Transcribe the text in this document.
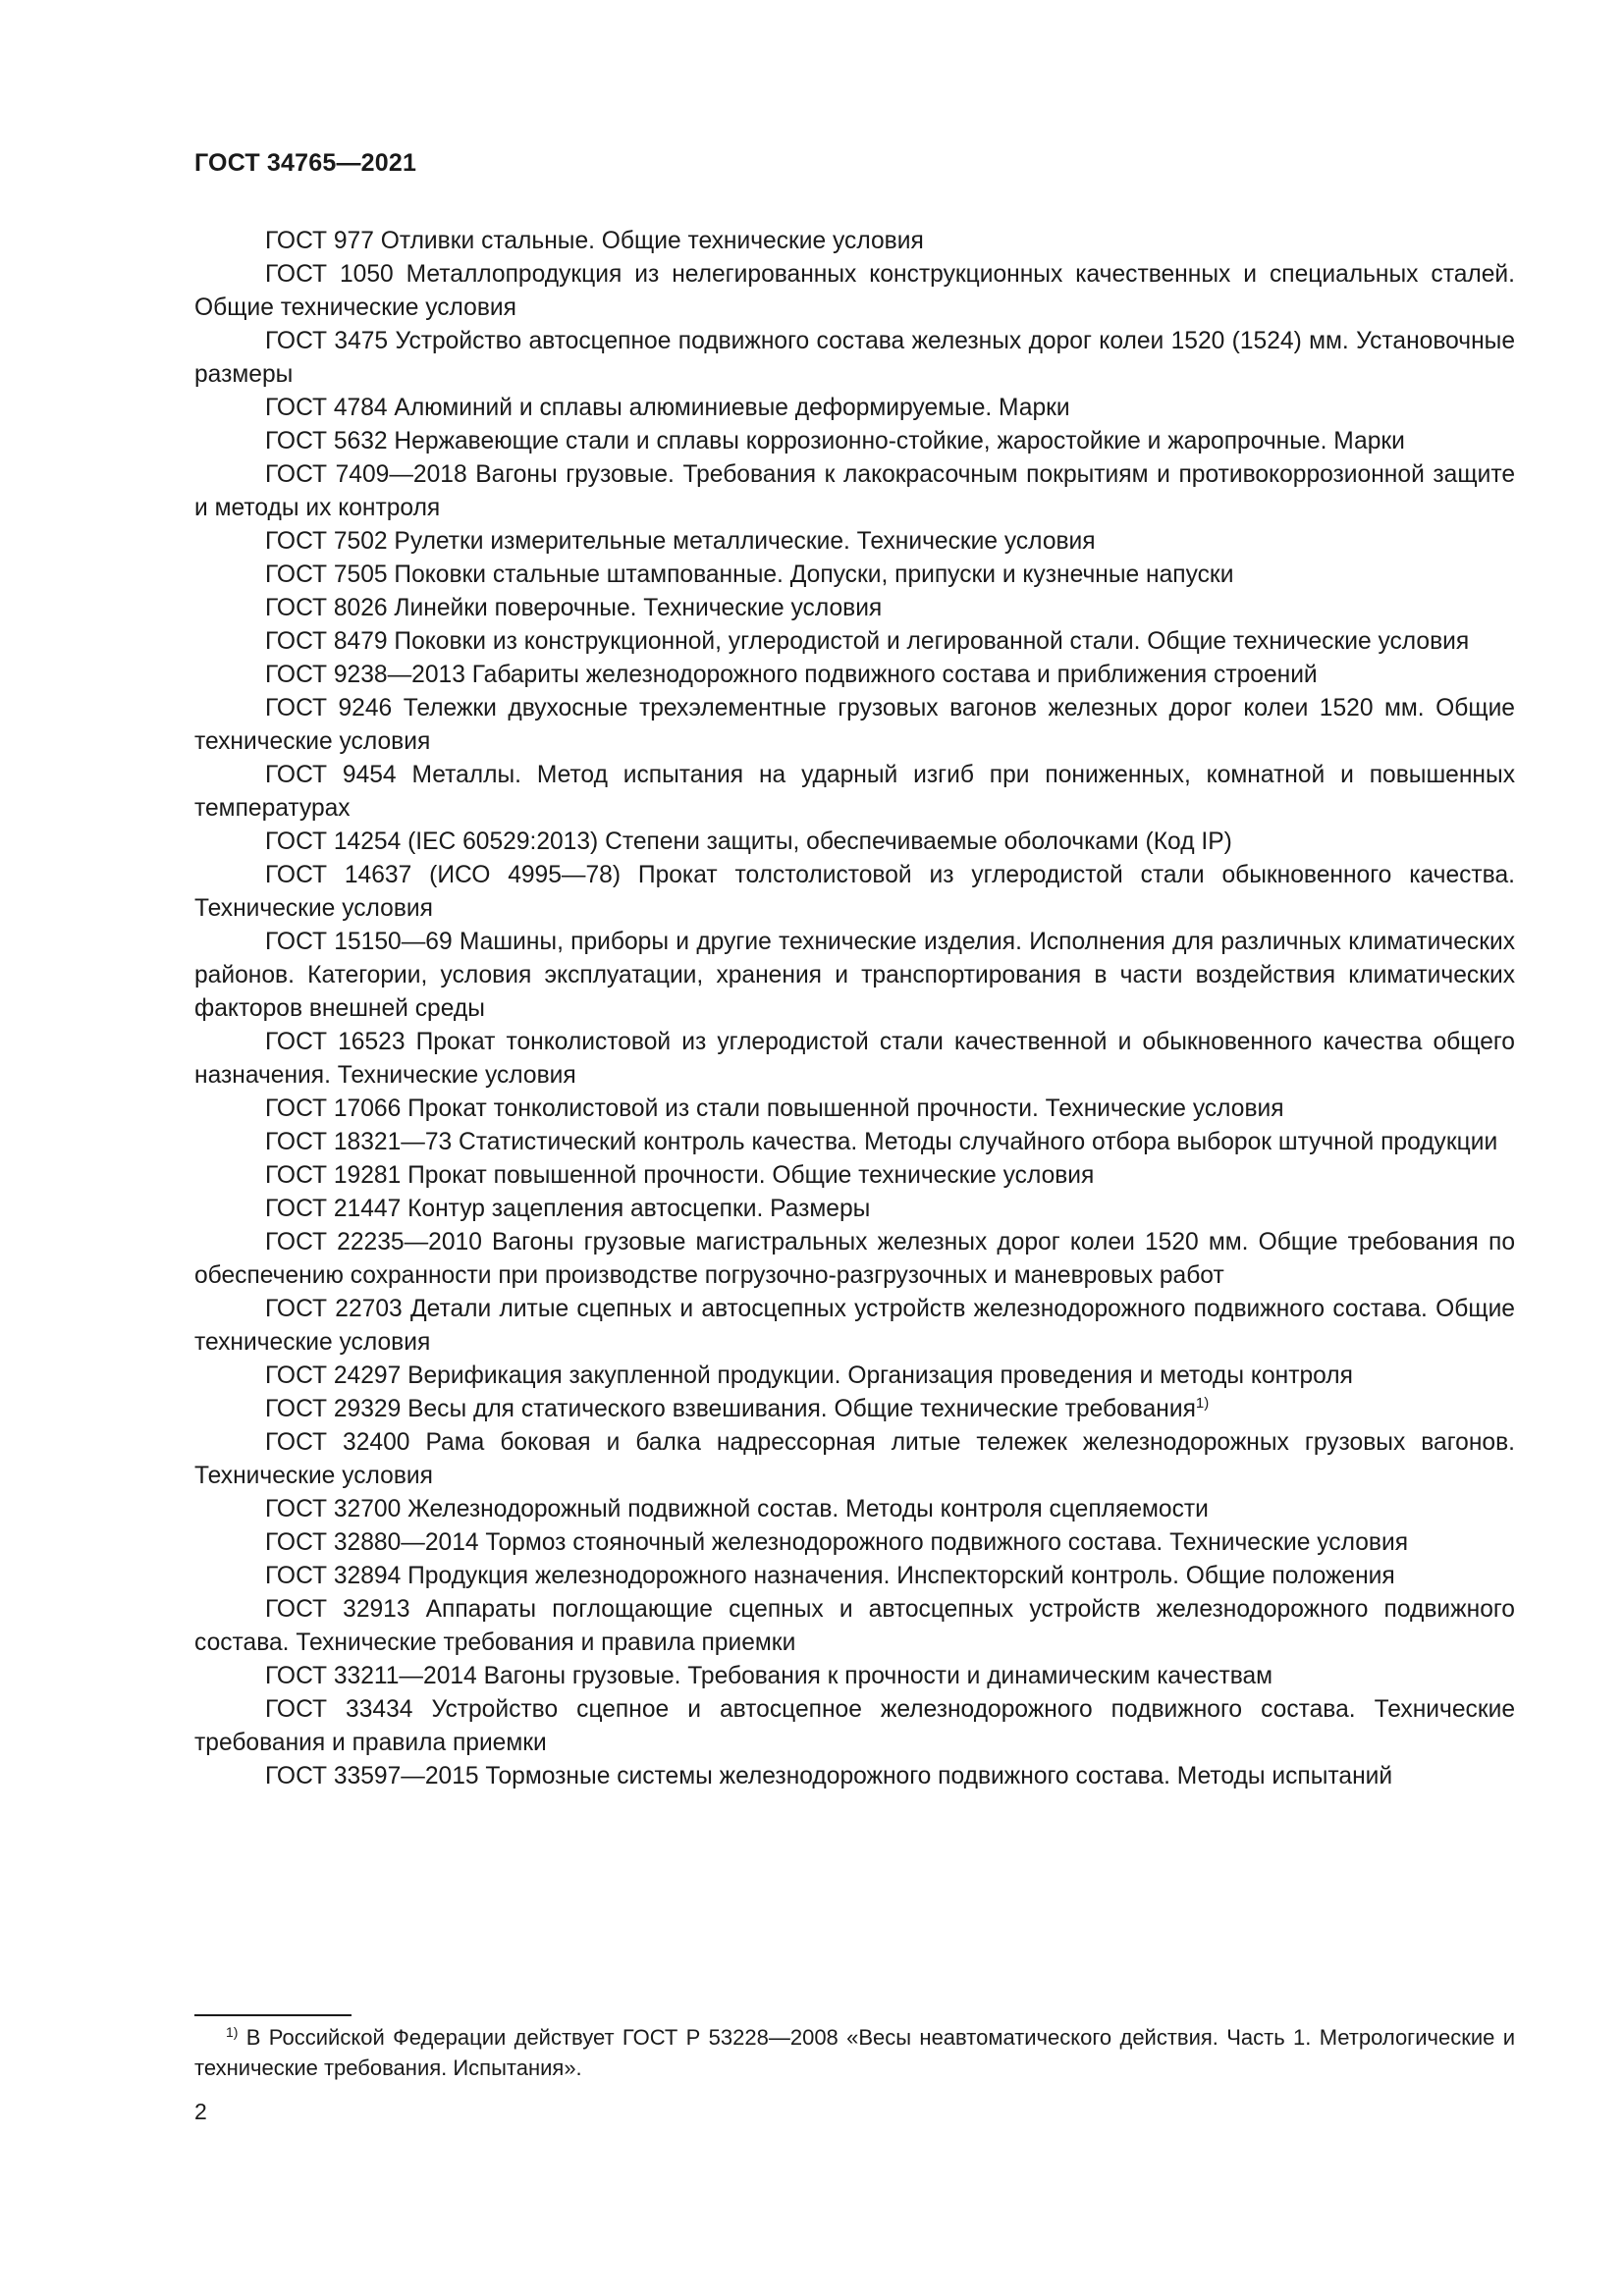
ГОСТ 34765—2021
ГОСТ 977 Отливки стальные. Общие технические условия
ГОСТ 1050 Металлопродукция из нелегированных конструкционных качественных и специальных сталей. Общие технические условия
ГОСТ 3475 Устройство автосцепное подвижного состава железных дорог колеи 1520 (1524) мм. Установочные размеры
ГОСТ 4784 Алюминий и сплавы алюминиевые деформируемые. Марки
ГОСТ 5632 Нержавеющие стали и сплавы коррозионно-стойкие, жаростойкие и жаропрочные. Марки
ГОСТ 7409—2018 Вагоны грузовые. Требования к лакокрасочным покрытиям и противокоррозионной защите и методы их контроля
ГОСТ 7502 Рулетки измерительные металлические. Технические условия
ГОСТ 7505 Поковки стальные штампованные. Допуски, припуски и кузнечные напуски
ГОСТ 8026 Линейки поверочные. Технические условия
ГОСТ 8479 Поковки из конструкционной, углеродистой и легированной стали. Общие технические условия
ГОСТ 9238—2013 Габариты железнодорожного подвижного состава и приближения строений
ГОСТ 9246 Тележки двухосные трехэлементные грузовых вагонов железных дорог колеи 1520 мм. Общие технические условия
ГОСТ 9454 Металлы. Метод испытания на ударный изгиб при пониженных, комнатной и повышенных температурах
ГОСТ 14254 (IEC 60529:2013) Степени защиты, обеспечиваемые оболочками (Код IP)
ГОСТ 14637 (ИСО 4995—78) Прокат толстолистовой из углеродистой стали обыкновенного качества. Технические условия
ГОСТ 15150—69 Машины, приборы и другие технические изделия. Исполнения для различных климатических районов. Категории, условия эксплуатации, хранения и транспортирования в части воздействия климатических факторов внешней среды
ГОСТ 16523 Прокат тонколистовой из углеродистой стали качественной и обыкновенного качества общего назначения. Технические условия
ГОСТ 17066 Прокат тонколистовой из стали повышенной прочности. Технические условия
ГОСТ 18321—73 Статистический контроль качества. Методы случайного отбора выборок штучной продукции
ГОСТ 19281 Прокат повышенной прочности. Общие технические условия
ГОСТ 21447 Контур зацепления автосцепки. Размеры
ГОСТ 22235—2010 Вагоны грузовые магистральных железных дорог колеи 1520 мм. Общие требования по обеспечению сохранности при производстве погрузочно-разгрузочных и маневровых работ
ГОСТ 22703 Детали литые сцепных и автосцепных устройств железнодорожного подвижного состава. Общие технические условия
ГОСТ 24297 Верификация закупленной продукции. Организация проведения и методы контроля
ГОСТ 29329 Весы для статического взвешивания. Общие технические требования$^{1)}$
ГОСТ 32400 Рама боковая и балка надрессорная литые тележек железнодорожных грузовых вагонов. Технические условия
ГОСТ 32700 Железнодорожный подвижной состав. Методы контроля сцепляемости
ГОСТ 32880—2014 Тормоз стояночный железнодорожного подвижного состава. Технические условия
ГОСТ 32894 Продукция железнодорожного назначения. Инспекторский контроль. Общие положения
ГОСТ 32913 Аппараты поглощающие сцепных и автосцепных устройств железнодорожного подвижного состава. Технические требования и правила приемки
ГОСТ 33211—2014 Вагоны грузовые. Требования к прочности и динамическим качествам
ГОСТ 33434 Устройство сцепное и автосцепное железнодорожного подвижного состава. Технические требования и правила приемки
ГОСТ 33597—2015 Тормозные системы железнодорожного подвижного состава. Методы испытаний

$^{1)}$ В Российской Федерации действует ГОСТ Р 53228—2008 «Весы неавтоматического действия. Часть 1. Метрологические и технические требования. Испытания».

2
